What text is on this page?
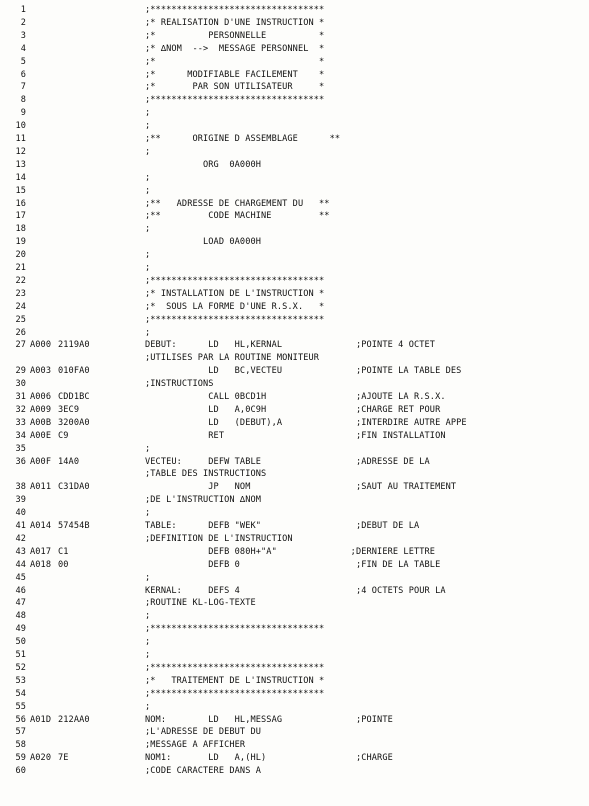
1	;*********************************
2	;* REALISATION D'UNE INSTRUCTION *
3	;*          PERSONNELLE          *
4	;* ∆NOM  -->  MESSAGE PERSONNEL  *
5	;*                               *
6	;*      MODIFIABLE FACILEMENT    *
7	;*       PAR SON UTILISATEUR     *
8	;*********************************
9	;
10	;
11	;**      ORIGINE D ASSEMBLAGE      **
12	;
13	ORG  0A000H
14	;
15	;
16	;**   ADRESSE DE CHARGEMENT DU   **
17	;**         CODE MACHINE         **
18	;
19	LOAD 0A000H
20	;
21	;
22	;*********************************
23	;* INSTALLATION DE L'INSTRUCTION *
24	;*  SOUS LA FORME D'UNE R.S.X.   *
25	;*********************************
26	;
27 A000 2119A0	DEBUT:      LD   HL,KERNAL              ;POINTE 4 OCTET
;UTILISES PAR LA ROUTINE MONITEUR
29 A003 010FA0	LD   BC,VECTEU              ;POINTE LA TABLE DES
30	;INSTRUCTIONS
31 A006 CDD1BC	CALL 0BCD1H                 ;AJOUTE LA R.S.X.
32 A009 3EC9	LD   A,0C9H                 ;CHARGE RET POUR
33 A00B 3200A0	LD   (DEBUT),A              ;INTERDIRE AUTRE APPE
34 A00E C9	RET                         ;FIN INSTALLATION
35	;
36 A00F 14A0	VECTEU:     DEFW TABLE                  ;ADRESSE DE LA
;TABLE DES INSTRUCTIONS
38 A011 C31DA0	JP   NOM                    ;SAUT AU TRAITEMENT
39	;DE L'INSTRUCTION ∆NOM
40	;
41 A014 57454B	TABLE:      DEFB "WEK"                  ;DEBUT DE LA
42	;DEFINITION DE L'INSTRUCTION
43 A017 C1	DEFB 080H+"A"              ;DERNIERE LETTRE
44 A018 00	DEFB 0                      ;FIN DE LA TABLE
45	;
46	KERNAL:     DEFS 4                      ;4 OCTETS POUR LA
47	;ROUTINE KL-LOG-TEXTE
48	;
49	;*********************************
50	;
51	;
52	;*********************************
53	;*   TRAITEMENT DE L'INSTRUCTION *
54	;*********************************
55	;
56 A01D 212AA0	NOM:        LD   HL,MESSAG              ;POINTE
57	;L'ADRESSE DE DEBUT DU
58	;MESSAGE A AFFICHER
59 A020 7E	NOM1:       LD   A,(HL)                 ;CHARGE
60	;CODE CARACTERE DANS A
